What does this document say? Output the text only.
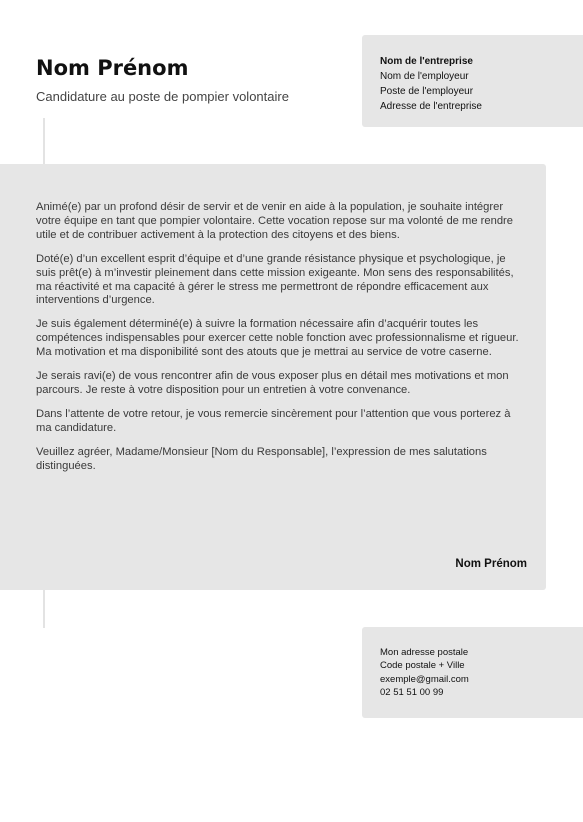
Nom Prénom

Candidature au poste de pompier volontaire

Nom de l'entreprise
Nom de l'employeur
Poste de l'employeur
Adresse de l'entreprise

Animé(e) par un profond désir de servir et de venir en aide à la population, je souhaite intégrer votre équipe en tant que pompier volontaire. Cette vocation repose sur ma volonté de me rendre utile et de contribuer activement à la protection des citoyens et des biens.

Doté(e) d’un excellent esprit d’équipe et d’une grande résistance physique et psychologique, je suis prêt(e) à m’investir pleinement dans cette mission exigeante. Mon sens des responsabilités, ma réactivité et ma capacité à gérer le stress me permettront de répondre efficacement aux interventions d’urgence.

Je suis également déterminé(e) à suivre la formation nécessaire afin d’acquérir toutes les compétences indispensables pour exercer cette noble fonction avec professionnalisme et rigueur. Ma motivation et ma disponibilité sont des atouts que je mettrai au service de votre caserne.

Je serais ravi(e) de vous rencontrer afin de vous exposer plus en détail mes motivations et mon parcours. Je reste à votre disposition pour un entretien à votre convenance.

Dans l’attente de votre retour, je vous remercie sincèrement pour l’attention que vous porterez à ma candidature.

Veuillez agréer, Madame/Monsieur [Nom du Responsable], l’expression de mes salutations distinguées.

Nom Prénom

Mon adresse postale
Code postale + Ville
exemple@gmail.com
02 51 51 00 99
